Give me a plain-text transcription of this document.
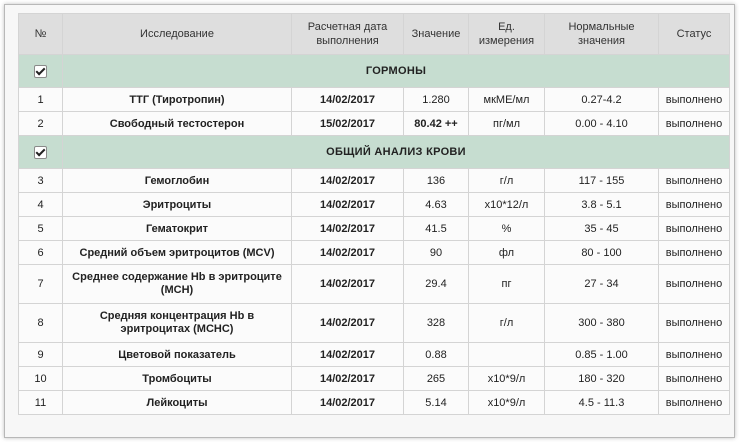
№	Исследование	Расчетная дата выполнения	Значение	Ед. измерения	Нормальные значения	Статус
	ГОРМОНЫ					
1	ТТГ (Тиротропин)	14/02/2017	1.280	мкМЕ/мл	0.27-4.2	выполнено
2	Свободный тестостерон	15/02/2017	80.42 ++	пг/мл	0.00 - 4.10	выполнено
	ОБЩИЙ АНАЛИЗ КРОВИ					
3	Гемоглобин	14/02/2017	136	г/л	117 - 155	выполнено
4	Эритроциты	14/02/2017	4.63	x10*12/л	3.8 - 5.1	выполнено
5	Гематокрит	14/02/2017	41.5	%	35 - 45	выполнено
6	Средний объем эритроцитов (MCV)	14/02/2017	90	фл	80 - 100	выполнено
7	Среднее содержание Hb в эритроците (MCH)	14/02/2017	29.4	пг	27 - 34	выполнено
8	Средняя концентрация Hb в эритроцитах (MCHC)	14/02/2017	328	г/л	300 - 380	выполнено
9	Цветовой показатель	14/02/2017	0.88		0.85 - 1.00	выполнено
10	Тромбоциты	14/02/2017	265	x10*9/л	180 - 320	выполнено
11	Лейкоциты	14/02/2017	5.14	x10*9/л	4.5 - 11.3	выполнено
